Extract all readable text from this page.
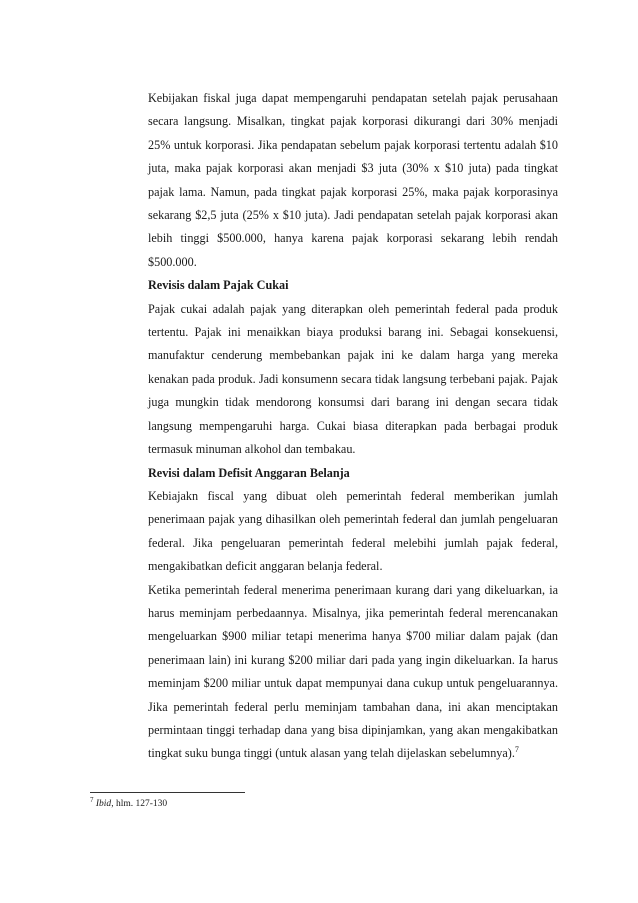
Kebijakan fiskal juga dapat mempengaruhi pendapatan setelah pajak perusahaan secara langsung. Misalkan, tingkat pajak korporasi dikurangi dari 30% menjadi 25% untuk korporasi. Jika pendapatan sebelum pajak korporasi tertentu adalah $10 juta, maka pajak korporasi akan menjadi $3 juta (30% x $10 juta) pada tingkat pajak lama. Namun, pada tingkat pajak korporasi 25%, maka pajak korporasinya sekarang $2,5 juta (25% x $10 juta). Jadi pendapatan setelah pajak korporasi akan lebih tinggi $500.000, hanya karena pajak korporasi sekarang lebih rendah $500.000.

Revisis dalam Pajak Cukai

Pajak cukai adalah pajak yang diterapkan oleh pemerintah federal pada produk tertentu. Pajak ini menaikkan biaya produksi barang ini. Sebagai konsekuensi, manufaktur cenderung membebankan pajak ini ke dalam harga yang mereka kenakan pada produk. Jadi konsumenn secara tidak langsung terbebani pajak. Pajak juga mungkin tidak mendorong konsumsi dari barang ini dengan secara tidak langsung mempengaruhi harga. Cukai biasa diterapkan pada berbagai produk termasuk minuman alkohol dan tembakau.

Revisi dalam Defisit Anggaran Belanja

Kebiajakn fiscal yang dibuat oleh pemerintah federal memberikan jumlah penerimaan pajak yang dihasilkan oleh pemerintah federal dan jumlah pengeluaran federal. Jika pengeluaran pemerintah federal melebihi jumlah pajak federal, mengakibatkan deficit anggaran belanja federal.

Ketika pemerintah federal menerima penerimaan kurang dari yang dikeluarkan, ia harus meminjam perbedaannya. Misalnya, jika pemerintah federal merencanakan mengeluarkan $900 miliar tetapi menerima hanya $700 miliar dalam pajak (dan penerimaan lain) ini kurang $200 miliar dari pada yang ingin dikeluarkan. Ia harus meminjam $200 miliar untuk dapat mempunyai dana cukup untuk pengeluarannya. Jika pemerintah federal perlu meminjam tambahan dana, ini akan menciptakan permintaan tinggi terhadap dana yang bisa dipinjamkan, yang akan mengakibatkan tingkat suku bunga tinggi (untuk alasan yang telah dijelaskan sebelumnya).$^7$

$^7$ Ibid, hlm. 127-130
